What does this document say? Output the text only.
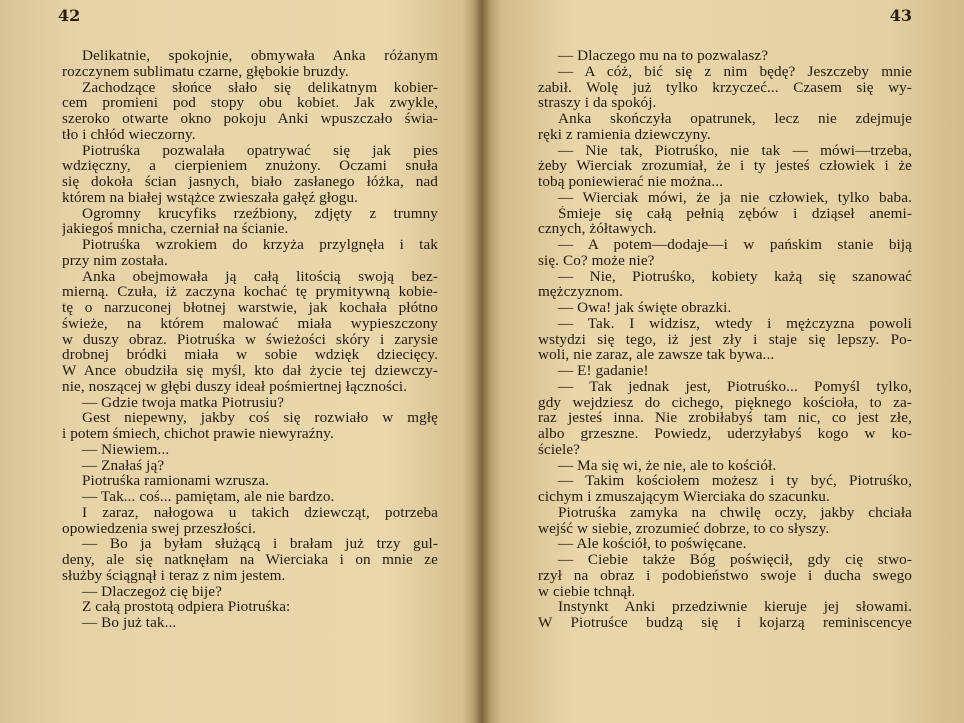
42
Delikatnie, spokojnie, obmywała Anka różanym
rozczynem sublimatu czarne, głębokie bruzdy.
Zachodzące słońce słało się delikatnym kobier-
cem promieni pod stopy obu kobiet. Jak zwykle,
szeroko otwarte okno pokoju Anki wpuszczało świa-
tło i chłód wieczorny.
Piotruśka pozwalała opatrywać się jak pies
wdzięczny, a cierpieniem znużony. Oczami snuła
się dokoła ścian jasnych, biało zasłanego łóżka, nad
którem na białej wstążce zwieszała gałęź głogu.
Ogromny krucyfiks rzeźbiony, zdjęty z trumny
jakiegoś mnicha, czerniał na ścianie.
Piotruśka wzrokiem do krzyża przylgnęła i tak
przy nim została.
Anka obejmowała ją całą litością swoją bez-
mierną. Czuła, iż zaczyna kochać tę prymitywną kobie-
tę o narzuconej błotnej warstwie, jak kochała płótno
świeże, na którem malować miała wypieszczony
w duszy obraz. Piotruśka w świeżości skóry i zarysie
drobnej bródki miała w sobie wdzięk dziecięcy.
W Ance obudziła się myśl, kto dał życie tej dziewczy-
nie, noszącej w głębi duszy ideał pośmiertnej łączności.
— Gdzie twoja matka Piotrusiu?
Gest niepewny, jakby coś się rozwiało w mgłę
i potem śmiech, chichot prawie niewyraźny.
— Niewiem...
— Znałaś ją?
Piotruśka ramionami wzrusza.
— Tak... coś... pamiętam, ale nie bardzo.
I zaraz, nałogowa u takich dziewcząt, potrzeba
opowiedzenia swej przeszłości.
— Bo ja byłam służącą i brałam już trzy gul-
deny, ale się natknęłam na Wierciaka i on mnie ze
służby ściągnął i teraz z nim jestem.
— Dlaczegoż cię bije?
Z całą prostotą odpiera Piotruśka:
— Bo już tak...
43
— Dlaczego mu na to pozwalasz?
— A cóż, bić się z nim będę? Jeszczeby mnie
zabił. Wolę już tylko krzyczeć... Czasem się wy-
straszy i da spokój.
Anka skończyła opatrunek, lecz nie zdejmuje
ręki z ramienia dziewczyny.
— Nie tak, Piotruśko, nie tak — mówi—trzeba,
żeby Wierciak zrozumiał, że i ty jesteś człowiek i że
tobą poniewierać nie można...
— Wierciak mówi, że ja nie człowiek, tylko baba.
Śmieje się całą pełnią zębów i dziąseł anemi-
cznych, żółtawych.
— A potem—dodaje—i w pańskim stanie biją
się. Co? może nie?
— Nie, Piotruśko, kobiety każą się szanować
mężczyznom.
— Owa! jak święte obrazki.
— Tak. I widzisz, wtedy i mężczyzna powoli
wstydzi się tego, iż jest zły i staje się lepszy. Po-
woli, nie zaraz, ale zawsze tak bywa...
— E! gadanie!
— Tak jednak jest, Piotruśko... Pomyśl tylko,
gdy wejdziesz do cichego, pięknego kościoła, to za-
raz jesteś inna. Nie zrobiłabyś tam nic, co jest złe,
albo grzeszne. Powiedz, uderzyłabyś kogo w ko-
ściele?
— Ma się wi, że nie, ale to kościół.
— Takim kościołem możesz i ty być, Piotruśko,
cichym i zmuszającym Wierciaka do szacunku.
Piotruśka zamyka na chwilę oczy, jakby chciała
wejść w siebie, zrozumieć dobrze, to co słyszy.
— Ale kościół, to poświęcane.
— Ciebie także Bóg poświęcił, gdy cię stwo-
rzył na obraz i podobieństwo swoje i ducha swego
w ciebie tchnął.
Instynkt Anki przedziwnie kieruje jej słowami.
W Piotruśce budzą się i kojarzą reminiscencye
